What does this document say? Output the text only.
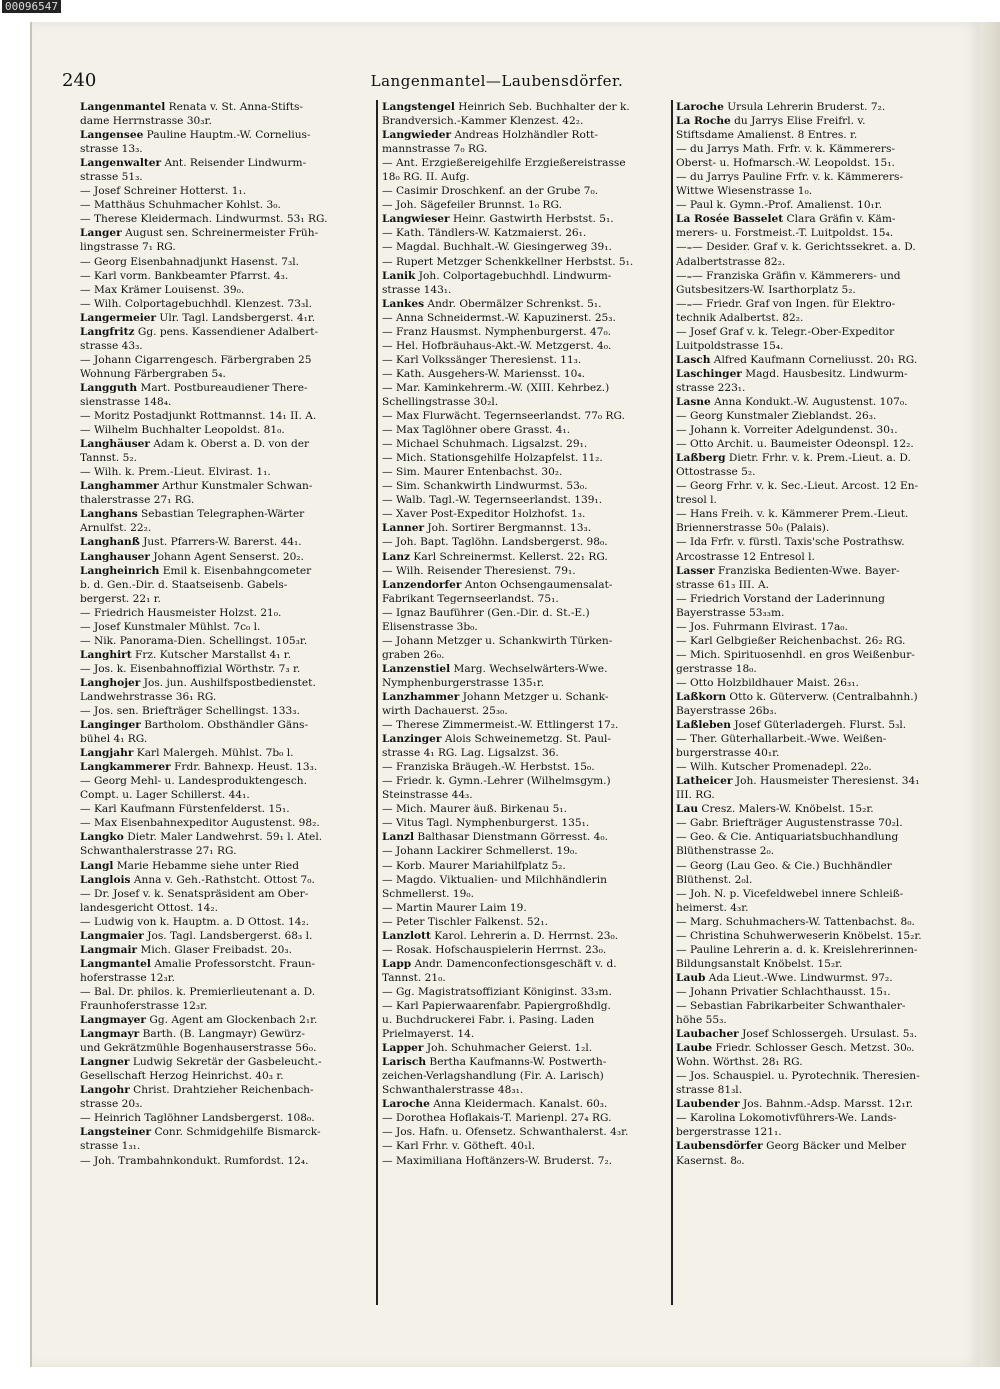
00096547
240	Langenmantel—Laubensdörfer.
Langenmantel Renata v. St. Anna-Stifts-
dame Herrnstrasse 30₃r.
Langensee Pauline Hauptm.-W. Cornelius-
strasse 13₃.
Langenwalter Ant. Reisender Lindwurm-
strasse 51₃.
— Josef Schreiner Hotterst. 1₁.
— Matthäus Schuhmacher Kohlst. 3₀.
— Therese Kleidermach. Lindwurmst. 53₁ RG.
Langer August sen. Schreinermeister Früh-
lingstrasse 7₁ RG.
— Georg Eisenbahnadjunkt Hasenst. 7₃l.
— Karl vorm. Bankbeamter Pfarrst. 4₃.
— Max Krämer Louisenst. 39₀.
— Wilh. Colportagebuchhdl. Klenzest. 73₃l.
Langermeier Ulr. Tagl. Landsbergerst. 4₁r.
Langfritz Gg. pens. Kassendiener Adalbert-
strasse 43₃.
— Johann Cigarrengesch. Färbergraben 25
Wohnung Färbergraben 5₄.
Langguth Mart. Postbureaudiener There-
sienstrasse 148₄.
— Moritz Postadjunkt Rottmannst. 14₁ II. A.
— Wilhelm Buchhalter Leopoldst. 81₀.
Langhäuser Adam k. Oberst a. D. von der
Tannst. 5₂.
— Wilh. k. Prem.-Lieut. Elvirast. 1₁.
Langhammer Arthur Kunstmaler Schwan-
thalerstrasse 27₁ RG.
Langhans Sebastian Telegraphen-Wärter
Arnulfst. 22₂.
Langhanß Just. Pfarrers-W. Barerst. 44₁.
Langhauser Johann Agent Senserst. 20₂.
Langheinrich Emil k. Eisenbahngcometer
b. d. Gen.-Dir. d. Staatseisenb. Gabels-
bergerst. 22₁ r.
— Friedrich Hausmeister Holzst. 21₀.
— Josef Kunstmaler Mühlst. 7c₀ l.
— Nik. Panorama-Dien. Schellingst. 105₃r.
Langhirt Frz. Kutscher Marstallst 4₁ r.
— Jos. k. Eisenbahnoffizial Wörthstr. 7₃ r.
Langhojer Jos. jun. Aushilfspostbedienstet.
Landwehrstrasse 36₁ RG.
— Jos. sen. Briefträger Schellingst. 133₃.
Langinger Bartholom. Obsthändler Gäns-
bühel 4₁ RG.
Langjahr Karl Malergeh. Mühlst. 7b₀ l.
Langkammerer Frdr. Bahnexp. Heust. 13₃.
— Georg Mehl- u. Landesproduktengesch.
Compt. u. Lager Schillerst. 44₁.
— Karl Kaufmann Fürstenfelderst. 15₁.
— Max Eisenbahnexpeditor Augustenst. 98₂.
Langko Dietr. Maler Landwehrst. 59₁ l. Atel.
Schwanthalerstrasse 27₁ RG.
Langl Marie Hebamme siehe unter Ried
Langlois Anna v. Geh.-Rathstcht. Ottost 7₀.
— Dr. Josef v. k. Senatspräsident am Ober-
landesgericht Ottost. 14₂.
— Ludwig von k. Hauptm. a. D Ottost. 14₂.
Langmaier Jos. Tagl. Landsbergerst. 68₃ l.
Langmair Mich. Glaser Freibadst. 20₃.
Langmantel Amalie Professorstcht. Fraun-
hoferstrasse 12₃r.
— Bal. Dr. philos. k. Premierlieutenant a. D.
Fraunhoferstrasse 12₃r.
Langmayer Gg. Agent am Glockenbach 2₁r.
Langmayr Barth. (B. Langmayr) Gewürz-
und Gekrätzmühle Bogenhauserstrasse 56₀.
Langner Ludwig Sekretär der Gasbeleucht.-
Gesellschaft Herzog Heinrichst. 40₃ r.
Langohr Christ. Drahtzieher Reichenbach-
strasse 20₃.
— Heinrich Taglöhner Landsbergerst. 108₀.
Langsteiner Conr. Schmidgehilfe Bismarck-
strasse 1₃₁.
— Joh. Trambahnkondukt. Rumfordst. 12₄.
Langstengel Heinrich Seb. Buchhalter der k.
Brandversich.-Kammer Klenzest. 42₂.
Langwieder Andreas Holzhändler Rott-
mannstrasse 7₀ RG.
— Ant. Erzgießereigehilfe Erzgießereistrasse
18₀ RG. II. Aufg.
— Casimir Droschkenf. an der Grube 7₀.
— Joh. Sägefeiler Brunnst. 1₀ RG.
Langwieser Heinr. Gastwirth Herbstst. 5₁.
— Kath. Tändlers-W. Katzmaierst. 26₁.
— Magdal. Buchhalt.-W. Giesingerweg 39₁.
— Rupert Metzger Schenkkellner Herbstst. 5₁.
Lanik Joh. Colportagebuchhdl. Lindwurm-
strasse 143₁.
Lankes Andr. Obermälzer Schrenkst. 5₁.
— Anna Schneidermst.-W. Kapuzinerst. 25₃.
— Franz Hausmst. Nymphenburgerst. 47₀.
— Hel. Hofbräuhaus-Akt.-W. Metzgerst. 4₀.
— Karl Volkssänger Theresienst. 11₃.
— Kath. Ausgehers-W. Mariensst. 10₄.
— Mar. Kaminkehrerm.-W. (XIII. Kehrbez.)
Schellingstrasse 30₂l.
— Max Flurwächt. Tegernseerlandst. 77₀ RG.
— Max Taglöhner obere Grasst. 4₁.
— Michael Schuhmach. Ligsalzst. 29₁.
— Mich. Stationsgehilfe Holzapfelst. 11₂.
— Sim. Maurer Entenbachst. 30₂.
— Sim. Schankwirth Lindwurmst. 53₀.
— Walb. Tagl.-W. Tegernseerlandst. 139₁.
— Xaver Post-Expeditor Holzhofst. 1₃.
Lanner Joh. Sortirer Bergmannst. 13₃.
— Joh. Bapt. Taglöhn. Landsbergerst. 98₀.
Lanz Karl Schreinermst. Kellerst. 22₁ RG.
— Wilh. Reisender Theresienst. 79₁.
Lanzendorfer Anton Ochsengaumensalat-
Fabrikant Tegernseerlandst. 75₁.
— Ignaz Bauführer (Gen.-Dir. d. St.-E.)
Elisenstrasse 3b₀.
— Johann Metzger u. Schankwirth Türken-
graben 26₀.
Lanzenstiel Marg. Wechselwärters-Wwe.
Nymphenburgerstrasse 135₁r.
Lanzhammer Johann Metzger u. Schank-
wirth Dachauerst. 25₃₀.
— Therese Zimmermeist.-W. Ettlingerst 17₂.
Lanzinger Alois Schweinemetzg. St. Paul-
strasse 4₁ RG. Lag. Ligsalzst. 36.
— Franziska Bräugeh.-W. Herbstst. 15₀.
— Friedr. k. Gymn.-Lehrer (Wilhelmsgym.)
Steinstrasse 44₃.
— Mich. Maurer äuß. Birkenau 5₁.
— Vitus Tagl. Nymphenburgerst. 135₁.
Lanzl Balthasar Dienstmann Görresst. 4₀.
— Johann Lackirer Schmellerst. 19₀.
— Korb. Maurer Mariahilfplatz 5₂.
— Magdo. Viktualien- und Milchhändlerin
Schmellerst. 19₀.
— Martin Maurer Laim 19.
— Peter Tischler Falkenst. 52₁.
Lanzlott Karol. Lehrerin a. D. Herrnst. 23₀.
— Rosak. Hofschauspielerin Herrnst. 23₀.
Lapp Andr. Damenconfectionsgeschäft v. d.
Tannst. 21₀.
— Gg. Magistratsoffiziant Königinst. 33₃m.
— Karl Papierwaarenfabr. Papiergroßhdlg.
u. Buchdruckerei Fabr. i. Pasing. Laden
Prielmayerst. 14.
Lapper Joh. Schuhmacher Geierst. 1₂l.
Larisch Bertha Kaufmanns-W. Postwerth-
zeichen-Verlagshandlung (Fir. A. Larisch)
Schwanthalerstrasse 48₃₁.
Laroche Anna Kleidermach. Kanalst. 60₃.
— Dorothea Hoflakais-T. Marienpl. 27₄ RG.
— Jos. Hafn. u. Ofensetz. Schwanthalerst. 4₃r.
— Karl Frhr. v. Götheft. 40₁l.
— Maximiliana Hoftänzers-W. Bruderst. 7₂.
Laroche Ursula Lehrerin Bruderst. 7₂.
La Roche du Jarrys Elise Freifrl. v.
Stiftsdame Amalienst. 8 Entres. r.
— du Jarrys Math. Frfr. v. k. Kämmerers-
Oberst- u. Hofmarsch.-W. Leopoldst. 15₁.
— du Jarrys Pauline Frfr. v. k. Kämmerers-
Wittwe Wiesenstrasse 1₀.
— Paul k. Gymn.-Prof. Amalienst. 10₁r.
La Rosée Basselet Clara Gräfin v. Käm-
merers- u. Forstmeist.-T. Luitpoldst. 15₄.
—₌— Desider. Graf v. k. Gerichtssekret. a. D.
Adalbertstrasse 82₂.
—₌— Franziska Gräfin v. Kämmerers- und
Gutsbesitzers-W. Isarthorplatz 5₂.
—₌— Friedr. Graf von Ingen. für Elektro-
technik Adalbertst. 82₂.
— Josef Graf v. k. Telegr.-Ober-Expeditor
Luitpoldstrasse 15₄.
Lasch Alfred Kaufmann Corneliusst. 20₁ RG.
Laschinger Magd. Hausbesitz. Lindwurm-
strasse 223₁.
Lasne Anna Kondukt.-W. Augustenst. 107₀.
— Georg Kunstmaler Zieblandst. 26₃.
— Johann k. Vorreiter Adelgundenst. 30₁.
— Otto Archit. u. Baumeister Odeonspl. 12₂.
Laßberg Dietr. Frhr. v. k. Prem.-Lieut. a. D.
Ottostrasse 5₂.
— Georg Frhr. v. k. Sec.-Lieut. Arcost. 12 En-
tresol l.
— Hans Freih. v. k. Kämmerer Prem.-Lieut.
Briennerstrasse 50₀ (Palais).
— Ida Frfr. v. fürstl. Taxis'sche Postrathsw.
Arcostrasse 12 Entresol l.
Lasser Franziska Bedienten-Wwe. Bayer-
strasse 61₃ III. A.
— Friedrich Vorstand der Laderinnung
Bayerstrasse 53₃₃m.
— Jos. Fuhrmann Elvirast. 17a₀.
— Karl Gelbgießer Reichenbachst. 26₂ RG.
— Mich. Spirituosenhdl. en gros Weißenbur-
gerstrasse 18₀.
— Otto Holzbildhauer Maist. 26₃₁.
Laßkorn Otto k. Güterverw. (Centralbahnh.)
Bayerstrasse 26b₃.
Laßleben Josef Güterladergeh. Flurst. 5₃l.
— Ther. Güterhallarbeit.-Wwe. Weißen-
burgerstrasse 40₁r.
— Wilh. Kutscher Promenadepl. 22₀.
Latheicer Joh. Hausmeister Theresienst. 34₁
III. RG.
Lau Cresz. Malers-W. Knöbelst. 15₂r.
— Gabr. Briefträger Augustenstrasse 70₂l.
— Geo. & Cie. Antiquariatsbuchhandlung
Blüthenstrasse 2₀.
— Georg (Lau Geo. & Cie.) Buchhändler
Blüthenst. 2₀l.
— Joh. N. p. Vicefeldwebel innere Schleiß-
heimerst. 4₃r.
— Marg. Schuhmachers-W. Tattenbachst. 8₀.
— Christina Schuhwerweserin Knöbelst. 15₂r.
— Pauline Lehrerin a. d. k. Kreislehrerinnen-
Bildungsanstalt Knöbelst. 15₂r.
Laub Ada Lieut.-Wwe. Lindwurmst. 97₂.
— Johann Privatier Schlachthausst. 15₁.
— Sebastian Fabrikarbeiter Schwanthaler-
höhe 55₃.
Laubacher Josef Schlossergeh. Ursulast. 5₃.
Laube Friedr. Schlosser Gesch. Metzst. 30₀.
Wohn. Wörthst. 28₁ RG.
— Jos. Schauspiel. u. Pyrotechnik. Theresien-
strasse 81₃l.
Laubender Jos. Bahnm.-Adsp. Marsst. 12₁r.
— Karolina Lokomotivführers-We. Lands-
bergerstrasse 121₁.
Laubensdörfer Georg Bäcker und Melber
Kasernst. 8₀.
